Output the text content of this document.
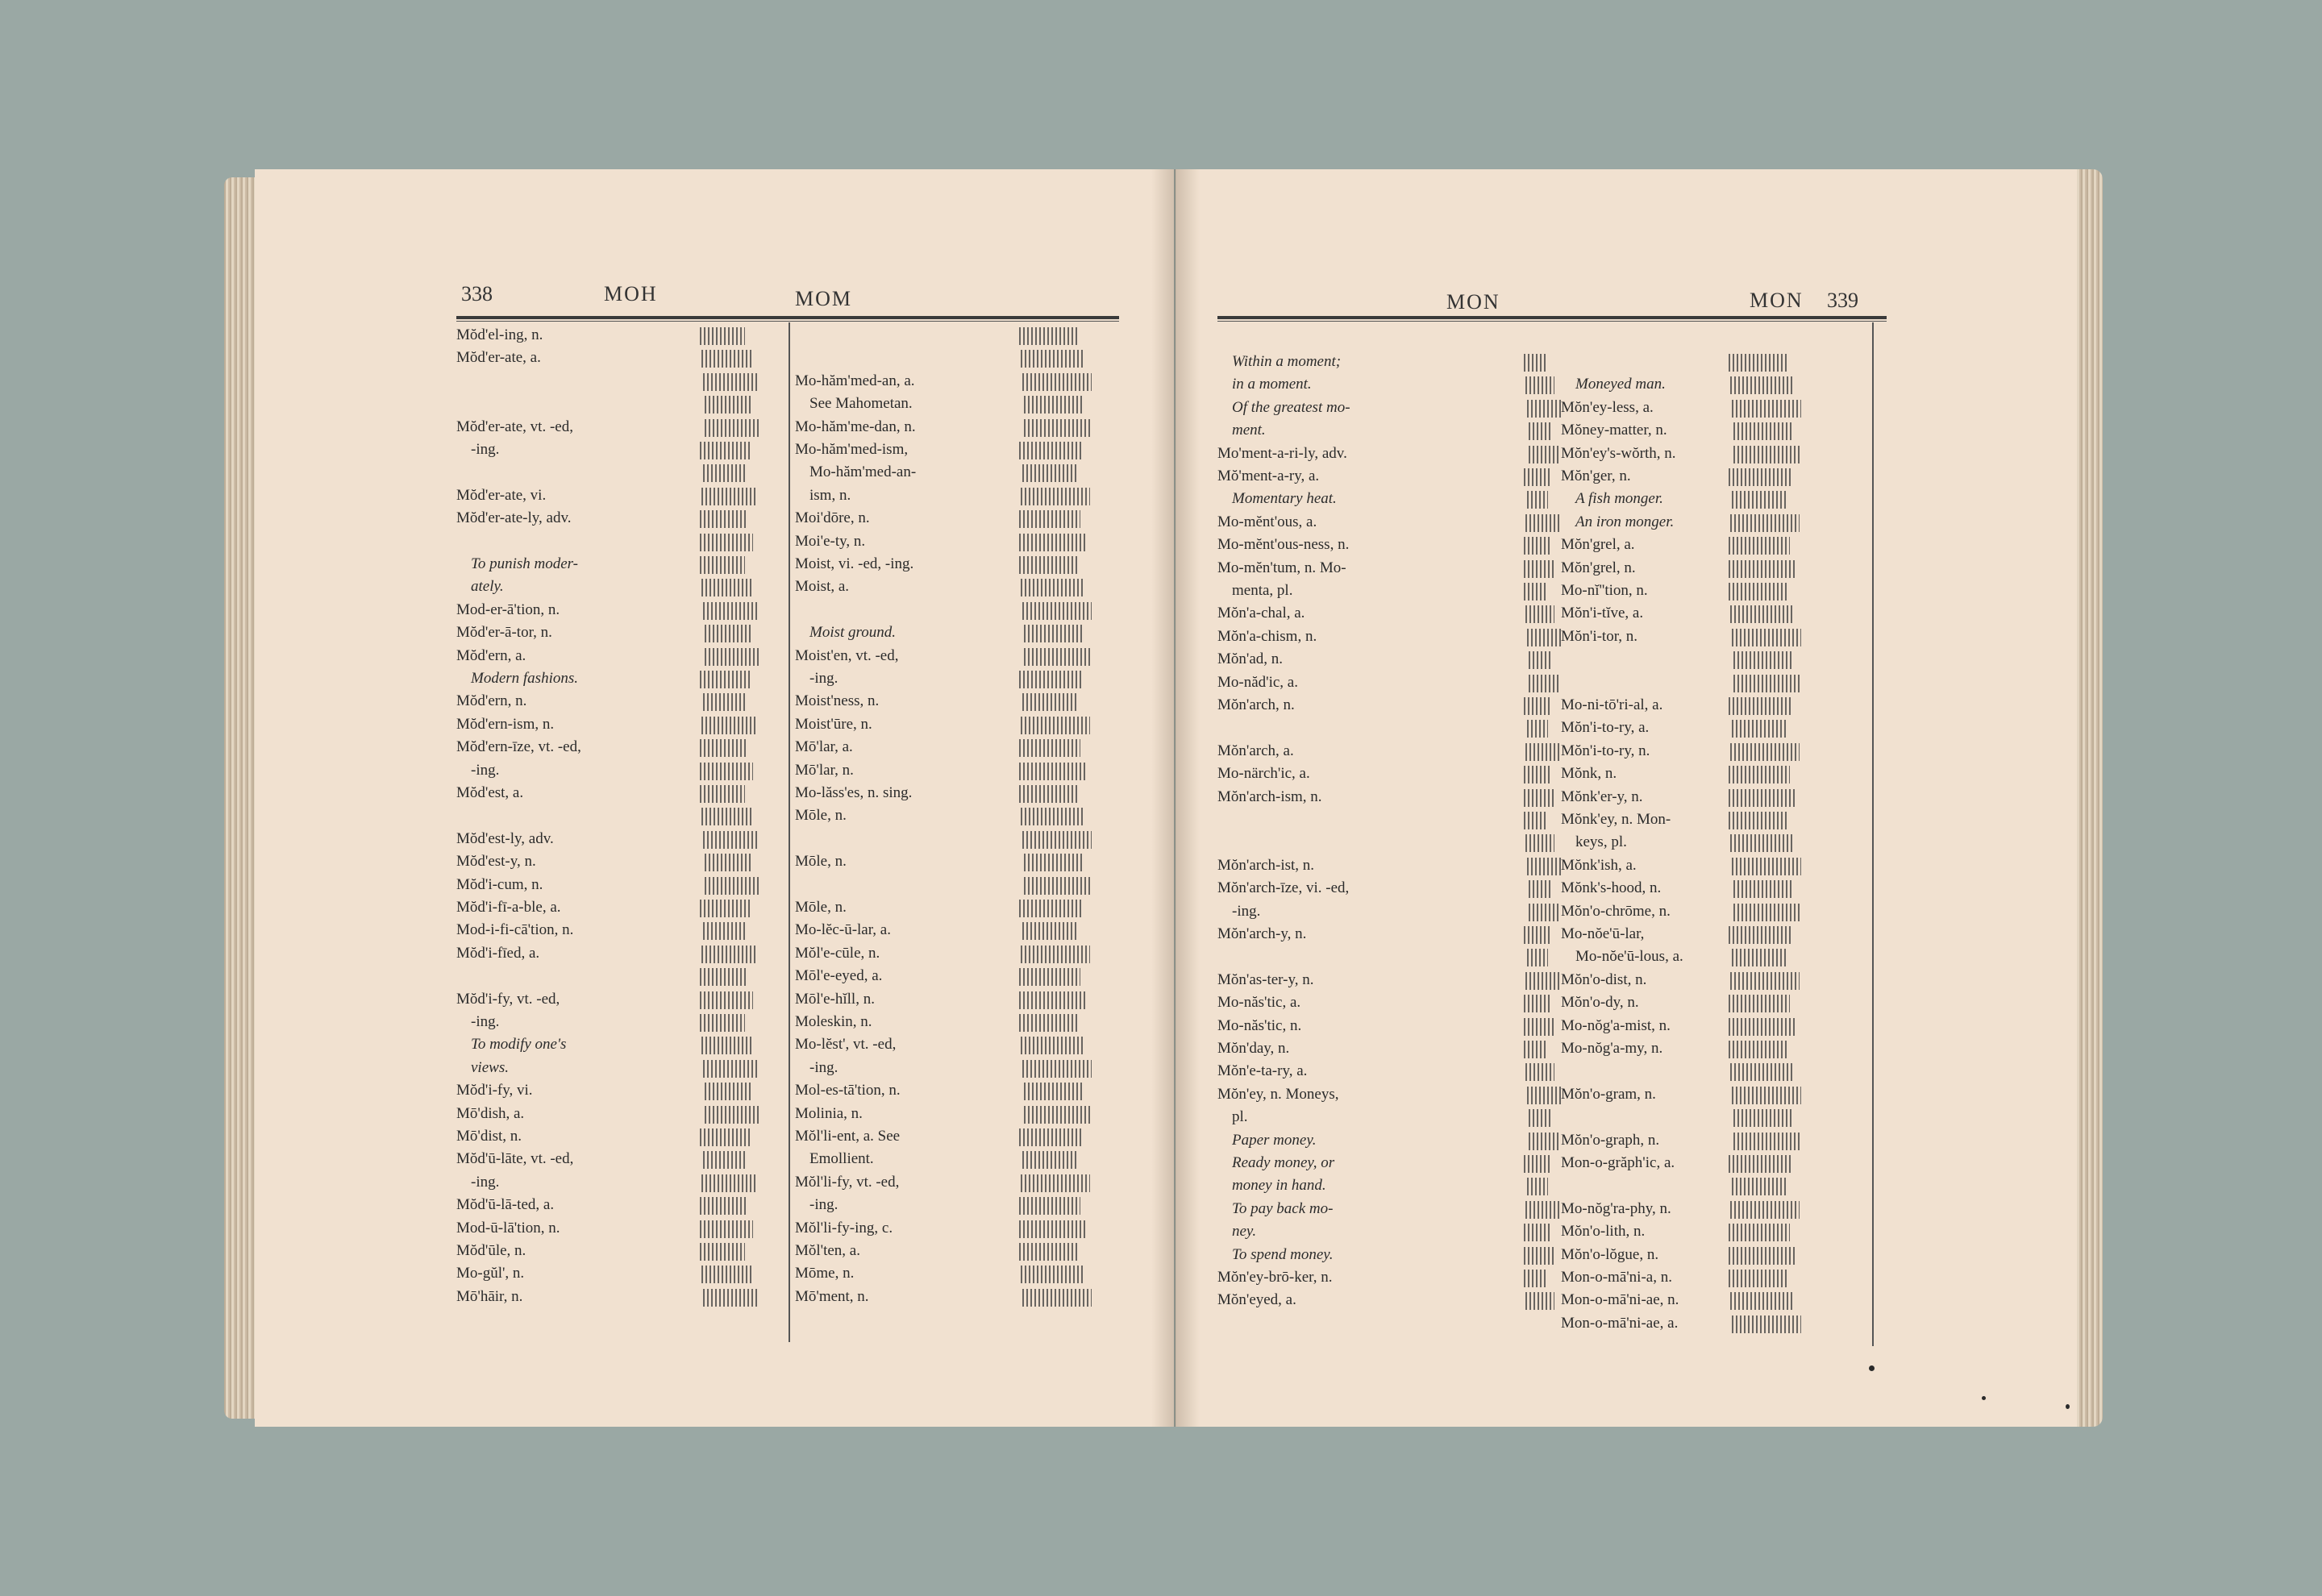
338	MOH	MOM
Mŏd'el-ing, n.
Mŏd'er-ate, a.
Mŏd'er-ate, vt. -ed,
-ing.
Mŏd'er-ate, vi.
Mŏd'er-ate-ly, adv.
To punish moder-
ately.
Mod-er-ā'tion, n.
Mŏd'er-ā-tor, n.
Mŏd'ern, a.
Modern fashions.
Mŏd'ern, n.
Mŏd'ern-ism, n.
Mŏd'ern-īze, vt. -ed,
-ing.
Mŏd'est, a.
Mŏd'est-ly, adv.
Mŏd'est-y, n.
Mŏd'i-cum, n.
Mŏd'i-fī-a-ble, a.
Mod-i-fi-cā'tion, n.
Mŏd'i-fīed, a.
Mŏd'i-fy, vt. -ed,
-ing.
To modify one's
views.
Mŏd'i-fy, vi.
Mō'dish, a.
Mō'dist, n.
Mŏd'ū-lāte, vt. -ed,
-ing.
Mŏd'ū-lā-ted, a.
Mod-ū-lā'tion, n.
Mŏd'ūle, n.
Mo-gŭl', n.
Mō'hāir, n.
Mo-hăm'med-an, a.
See Mahometan.
Mo-hăm'me-dan, n.
Mo-hăm'med-ism,
Mo-hăm'med-an-
ism, n.
Moi'dōre, n.
Moi'e-ty, n.
Moist, vi. -ed, -ing.
Moist, a.
Moist ground.
Moist'en, vt. -ed,
-ing.
Moist'ness, n.
Moist'ūre, n.
Mō'lar, a.
Mō'lar, n.
Mo-lăss'es, n. sing.
Mōle, n.
Mōle, n.
Mōle, n.
Mo-lĕc-ū-lar, a.
Mŏl'e-cūle, n.
Mōl'e-eyed, a.
Mōl'e-hĭll, n.
Moleskin, n.
Mo-lĕst', vt. -ed,
-ing.
Mol-es-tā'tion, n.
Molinia, n.
Mŏl'li-ent, a. See
Emollient.
Mŏl'li-fy, vt. -ed,
-ing.
Mŏl'li-fy-ing, c.
Mŏl'ten, a.
Mōme, n.
Mō'ment, n.
MON	MON 339
Within a moment;
in a moment.
Of the greatest mo-
ment.
Mo'ment-a-ri-ly, adv.
Mŏ'ment-a-ry, a.
Momentary heat.
Mo-mĕnt'ous, a.
Mo-mĕnt'ous-ness, n.
Mo-mĕn'tum, n. Mo-
menta, pl.
Mŏn'a-chal, a.
Mŏn'a-chism, n.
Mŏn'ad, n.
Mo-năd'ic, a.
Mŏn'arch, n.
Mŏn'arch, a.
Mo-närch'ic, a.
Mŏn'arch-ism, n.
Mŏn'arch-ist, n.
Mŏn'arch-īze, vi. -ed,
-ing.
Mŏn'arch-y, n.
Mŏn'as-ter-y, n.
Mo-năs'tic, a.
Mo-năs'tic, n.
Mŏn'day, n.
Mŏn'e-ta-ry, a.
Mŏn'ey, n. Moneys,
pl.
Paper money.
Ready money, or
money in hand.
To pay back mo-
ney.
To spend money.
Mŏn'ey-brō-ker, n.
Mŏn'eyed, a.
Moneyed man.
Mŏn'ey-less, a.
Mŏney-matter, n.
Mŏn'ey's-wŏrth, n.
Mŏn'ger, n.
A fish monger.
An iron monger.
Mŏn'grel, a.
Mŏn'grel, n.
Mo-nĭ''tion, n.
Mŏn'i-tĭve, a.
Mŏn'i-tor, n.
Mo-ni-tō'ri-al, a.
Mŏn'i-to-ry, a.
Mŏn'i-to-ry, n.
Mŏnk, n.
Mŏnk'er-y, n.
Mŏnk'ey, n. Mon-
keys, pl.
Mŏnk'ish, a.
Mŏnk's-hood, n.
Mŏn'o-chrōme, n.
Mo-nŏe'ū-lar,
Mo-nŏe'ū-lous, a.
Mŏn'o-dist, n.
Mŏn'o-dy, n.
Mo-nŏg'a-mist, n.
Mo-nŏg'a-my, n.
Mŏn'o-gram, n.
Mŏn'o-graph, n.
Mon-o-grăph'ic, a.
Mo-nŏg'ra-phy, n.
Mŏn'o-lith, n.
Mŏn'o-lŏgue, n.
Mon-o-mā'ni-a, n.
Mon-o-mā'ni-ae, n.
Mon-o-mā'ni-ae, a.
